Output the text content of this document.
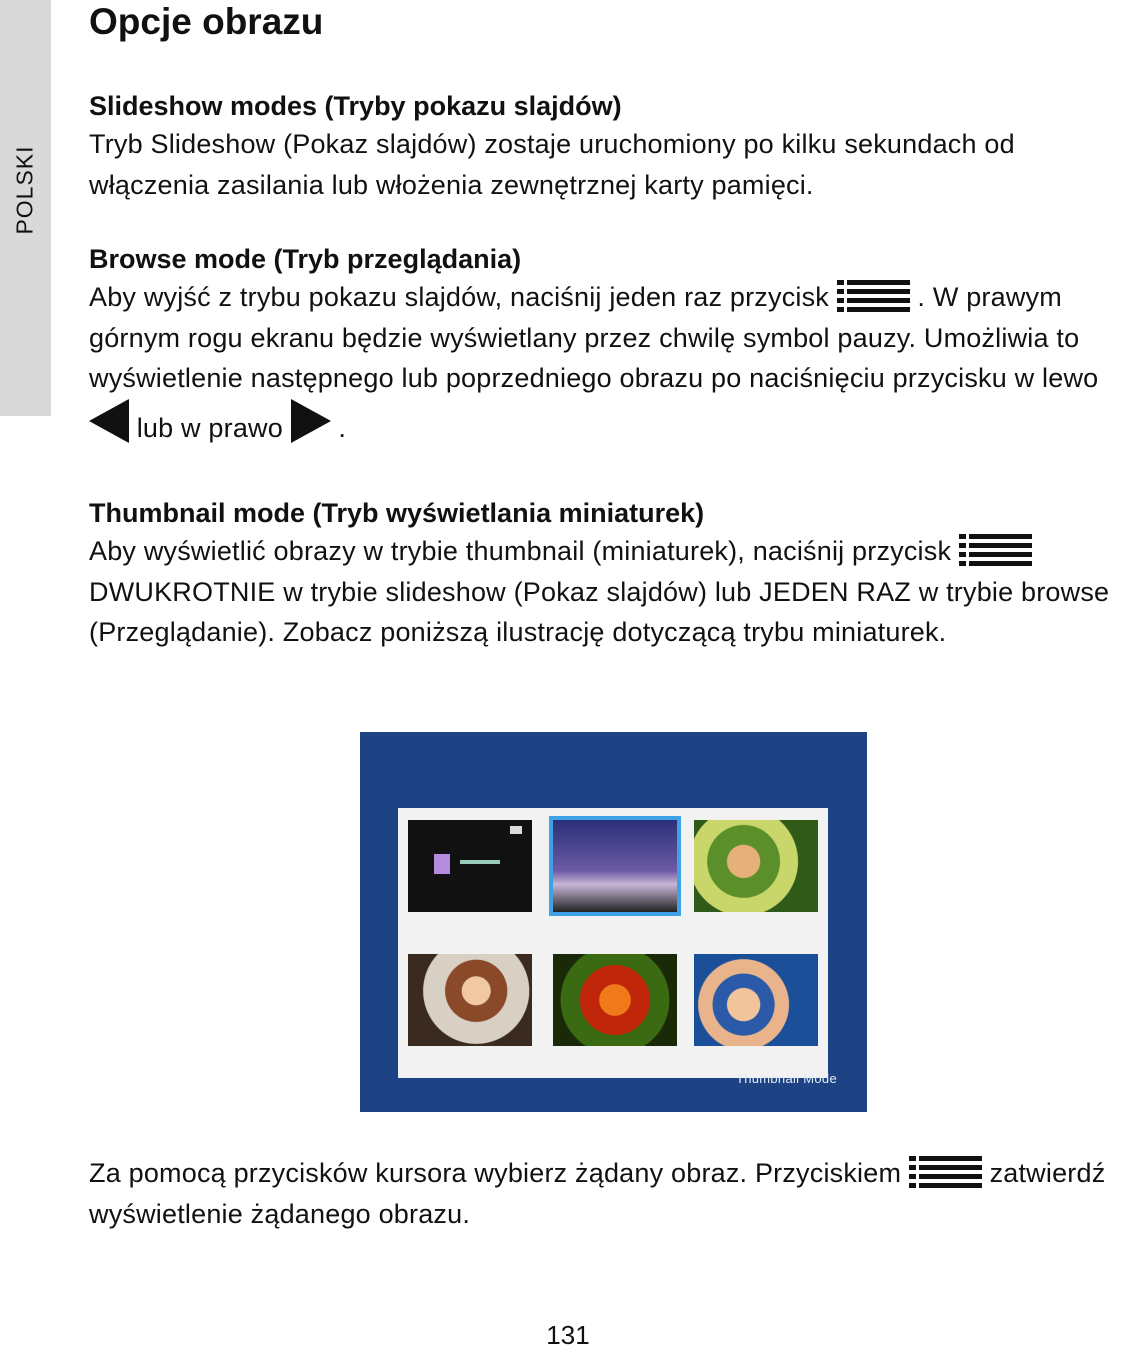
POLSKI
Opcje obrazu
Slideshow modes (Tryby pokazu slajdów)

Tryb Slideshow (Pokaz slajdów) zostaje uruchomiony po kilku sekundach od włączenia zasilania lub włożenia zewnętrznej karty pamięci.

Browse mode (Tryb przeglądania)

Aby wyjść z trybu pokazu slajdów, naciśnij jeden raz przycisk	. W prawym górnym rogu ekranu będzie wyświetlany przez chwilę symbol pauzy. Umożliwia to wyświetlenie następnego lub poprzedniego obrazu po naciśnięciu przycisku w lewo  lub w prawo .

Thumbnail mode (Tryb wyświetlania miniaturek)

Aby wyświetlić obrazy w trybie thumbnail (miniaturek), naciśnij przycisk
DWUKROTNIE w trybie slideshow (Pokaz slajdów) lub JEDEN RAZ w trybie browse (Przeglądanie). Zobacz poniższą ilustrację dotyczącą trybu miniaturek.

Thumbnail Mode

Za pomocą przycisków kursora wybierz żądany obraz. Przyciskiem	zatwierdź wyświetlenie żądanego obrazu.

131
